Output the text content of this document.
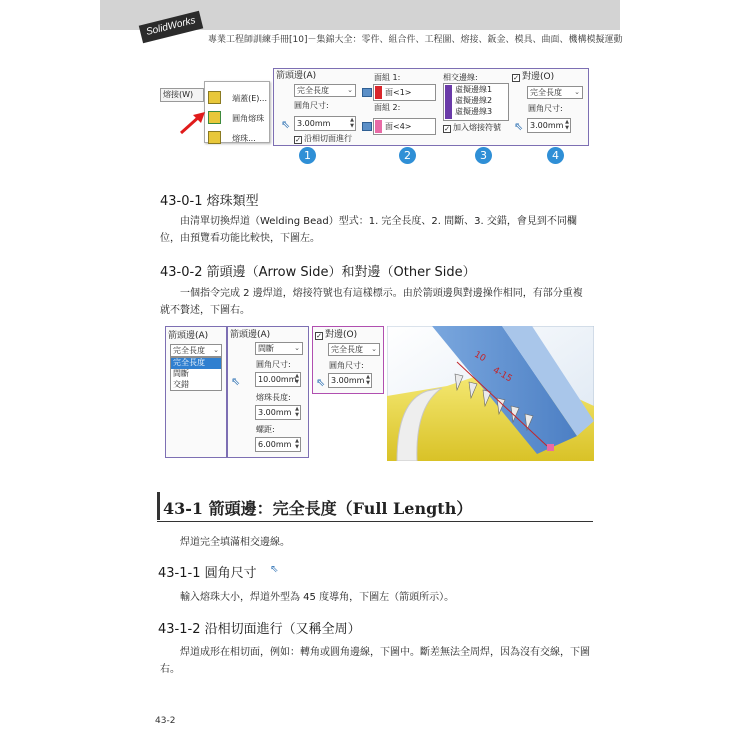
SolidWorks
專業工程師訓練手冊[10]－集錦大全：零件、組合件、工程圖、熔接、鈑金、模具、曲面、機構模擬運動
熔接(W)	端蓋(E)...
圓角熔珠
熔珠...
箭頭邊(A)
完全長度	⌄
圓角尺寸:
⇖ 3.00mm	▲
▼
✓ 沿相切面進行
面組 1:
面<1>
面組 2:
面<4>
相交邊線:
虛擬邊線1
虛擬邊線2
虛擬邊線3
✓ 加入熔接符號
✓ 對邊(O)
完全長度 ⌄
圓角尺寸:
⇖ 3.00mm ▲
▼
1	2	3	4
43-0-1 熔珠類型

由清單切換焊道（Welding Bead）型式：1. 完全長度、2. 間斷、3. 交錯，會見到不同欄位，由預覽看功能比較快，下圖左。

43-0-2 箭頭邊（Arrow Side）和對邊（Other Side）

一個指令完成 2 邊焊道，熔接符號也有這樣標示。由於箭頭邊與對邊操作相同，有部分重複就不贅述，下圖右。

箭頭邊(A)
完全長度 ⌄
完全長度
間斷
交錯
箭頭邊(A)
間斷	⌄
圓角尺寸:
⇖	10.00mm
▲
▼
熔珠長度:
3.00mm ▲
▼
螺距:
6.00mm ▲
▼
✓ 對邊(O)
完全長度 ⌄
圓角尺寸:
⇖ 3.00mm ▲
▼
10
4-15
43-1 箭頭邊：完全長度（Full Length）

焊道完全填滿相交邊線。

43-1-1 圓角尺寸 ⇖

輸入熔珠大小，焊道外型為 45 度導角，下圖左（箭頭所示）。

43-1-2 沿相切面進行（又稱全周）

焊道成形在相切面，例如：轉角或圓角邊線，下圖中。斷差無法全周焊，因為沒有交線，下圖右。

43-2
